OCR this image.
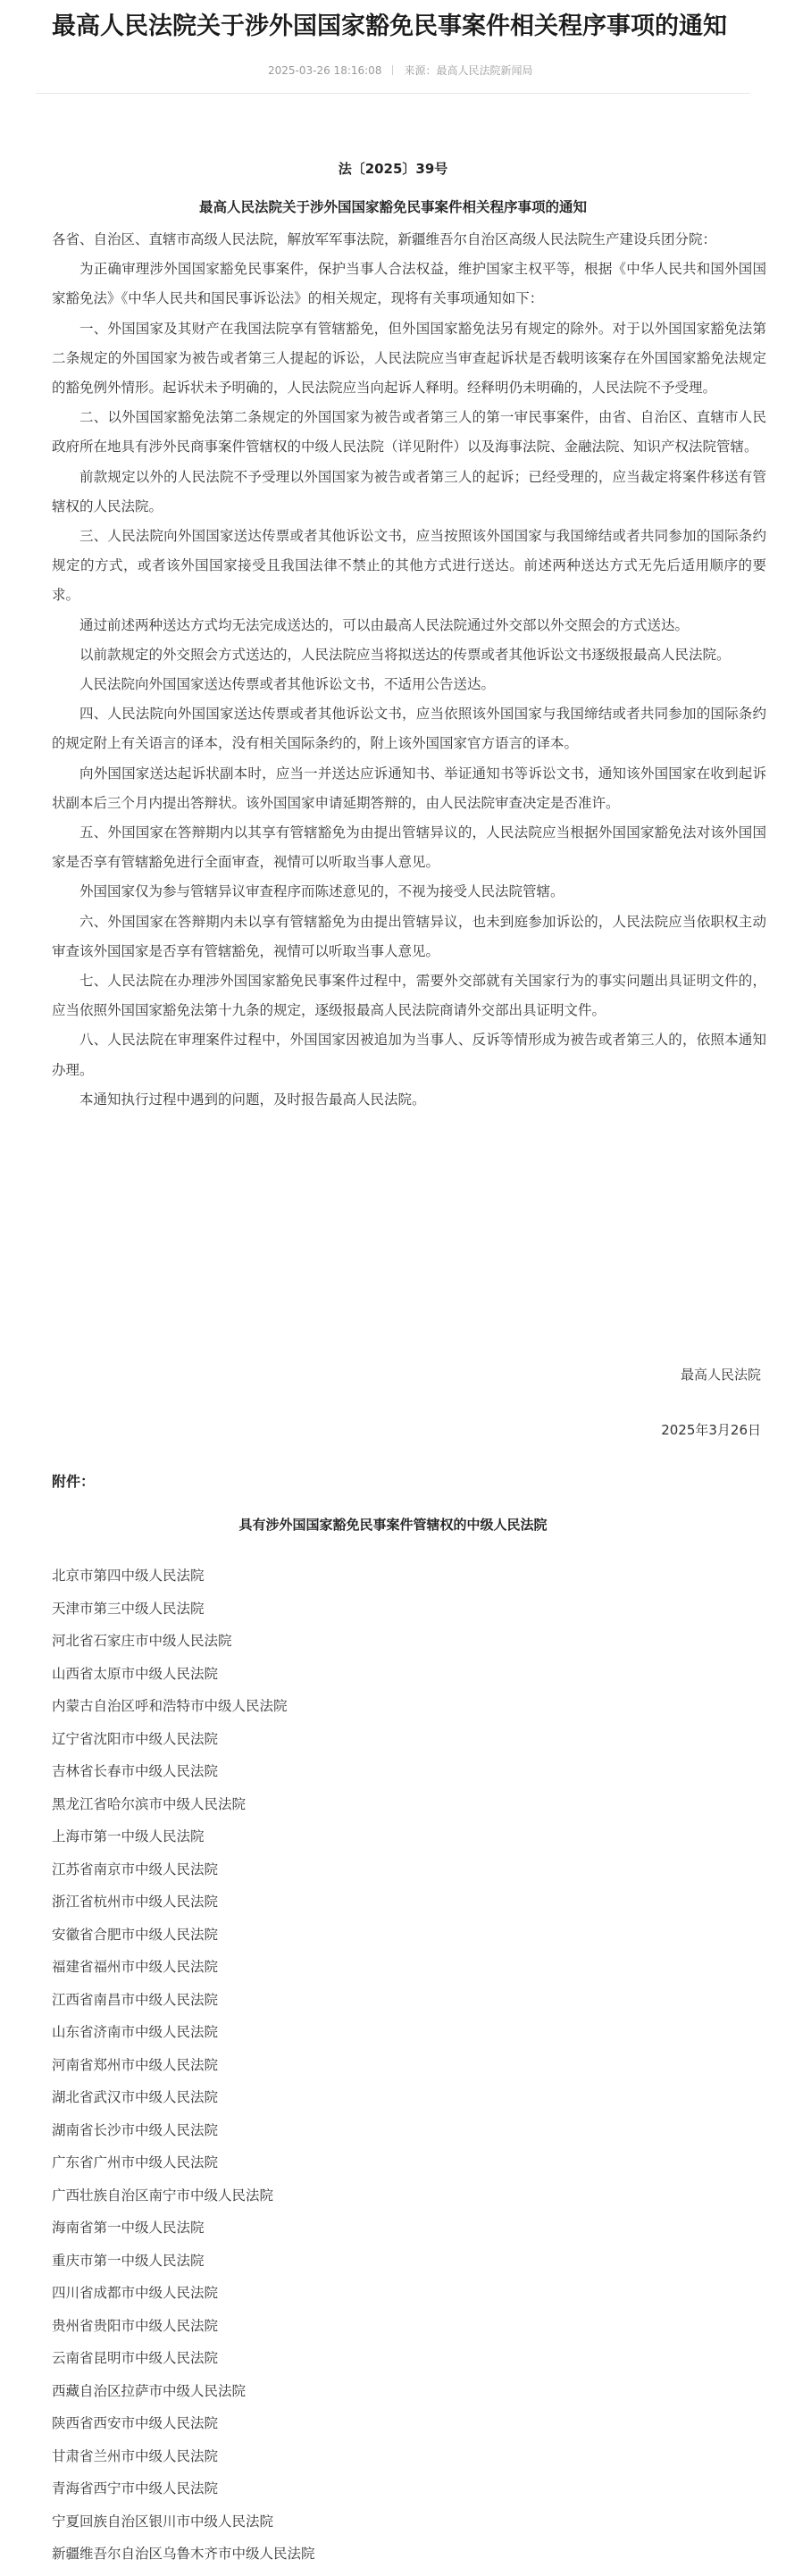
最高人民法院关于涉外国国家豁免民事案件相关程序事项的通知
2025-03-26 18:16:08 来源：最高人民法院新闻局
法〔2025〕39号
最高人民法院关于涉外国国家豁免民事案件相关程序事项的通知

各省、自治区、直辖市高级人民法院，解放军军事法院，新疆维吾尔自治区高级人民法院生产建设兵团分院：

为正确审理涉外国国家豁免民事案件，保护当事人合法权益，维护国家主权平等，根据《中华人民共和国外国国家豁免法》《中华人民共和国民事诉讼法》的相关规定，现将有关事项通知如下：

一、外国国家及其财产在我国法院享有管辖豁免，但外国国家豁免法另有规定的除外。对于以外国国家豁免法第二条规定的外国国家为被告或者第三人提起的诉讼，人民法院应当审查起诉状是否载明该案存在外国国家豁免法规定的豁免例外情形。起诉状未予明确的，人民法院应当向起诉人释明。经释明仍未明确的，人民法院不予受理。

二、以外国国家豁免法第二条规定的外国国家为被告或者第三人的第一审民事案件，由省、自治区、直辖市人民政府所在地具有涉外民商事案件管辖权的中级人民法院（详见附件）以及海事法院、金融法院、知识产权法院管辖。

前款规定以外的人民法院不予受理以外国国家为被告或者第三人的起诉；已经受理的，应当裁定将案件移送有管辖权的人民法院。

三、人民法院向外国国家送达传票或者其他诉讼文书，应当按照该外国国家与我国缔结或者共同参加的国际条约规定的方式，或者该外国国家接受且我国法律不禁止的其他方式进行送达。前述两种送达方式无先后适用顺序的要求。

通过前述两种送达方式均无法完成送达的，可以由最高人民法院通过外交部以外交照会的方式送达。

以前款规定的外交照会方式送达的，人民法院应当将拟送达的传票或者其他诉讼文书逐级报最高人民法院。

人民法院向外国国家送达传票或者其他诉讼文书，不适用公告送达。

四、人民法院向外国国家送达传票或者其他诉讼文书，应当依照该外国国家与我国缔结或者共同参加的国际条约的规定附上有关语言的译本，没有相关国际条约的，附上该外国国家官方语言的译本。

向外国国家送达起诉状副本时，应当一并送达应诉通知书、举证通知书等诉讼文书，通知该外国国家在收到起诉状副本后三个月内提出答辩状。该外国国家申请延期答辩的，由人民法院审查决定是否准许。

五、外国国家在答辩期内以其享有管辖豁免为由提出管辖异议的，人民法院应当根据外国国家豁免法对该外国国家是否享有管辖豁免进行全面审查，视情可以听取当事人意见。

外国国家仅为参与管辖异议审查程序而陈述意见的，不视为接受人民法院管辖。

六、外国国家在答辩期内未以享有管辖豁免为由提出管辖异议，也未到庭参加诉讼的，人民法院应当依职权主动审查该外国国家是否享有管辖豁免，视情可以听取当事人意见。

七、人民法院在办理涉外国国家豁免民事案件过程中，需要外交部就有关国家行为的事实问题出具证明文件的，应当依照外国国家豁免法第十九条的规定，逐级报最高人民法院商请外交部出具证明文件。

八、人民法院在审理案件过程中，外国国家因被追加为当事人、反诉等情形成为被告或者第三人的，依照本通知办理。

本通知执行过程中遇到的问题，及时报告最高人民法院。

最高人民法院
2025年3月26日
附件：
具有涉外国国家豁免民事案件管辖权的中级人民法院
北京市第四中级人民法院
天津市第三中级人民法院
河北省石家庄市中级人民法院
山西省太原市中级人民法院
内蒙古自治区呼和浩特市中级人民法院
辽宁省沈阳市中级人民法院
吉林省长春市中级人民法院
黑龙江省哈尔滨市中级人民法院
上海市第一中级人民法院
江苏省南京市中级人民法院
浙江省杭州市中级人民法院
安徽省合肥市中级人民法院
福建省福州市中级人民法院
江西省南昌市中级人民法院
山东省济南市中级人民法院
河南省郑州市中级人民法院
湖北省武汉市中级人民法院
湖南省长沙市中级人民法院
广东省广州市中级人民法院
广西壮族自治区南宁市中级人民法院
海南省第一中级人民法院
重庆市第一中级人民法院
四川省成都市中级人民法院
贵州省贵阳市中级人民法院
云南省昆明市中级人民法院
西藏自治区拉萨市中级人民法院
陕西省西安市中级人民法院
甘肃省兰州市中级人民法院
青海省西宁市中级人民法院
宁夏回族自治区银川市中级人民法院
新疆维吾尔自治区乌鲁木齐市中级人民法院
